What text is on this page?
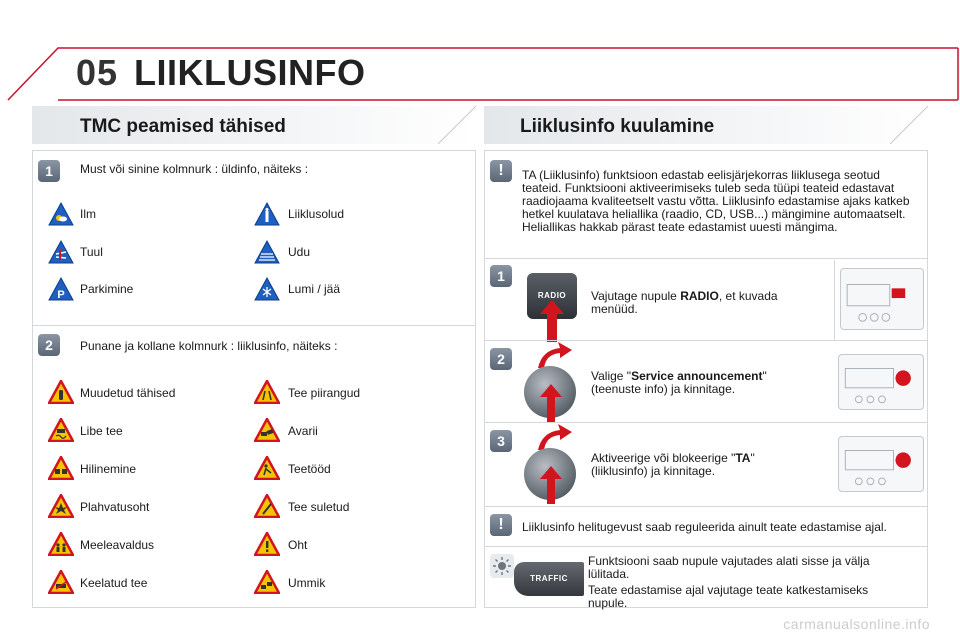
05 LIIKLUSINFO
TMC peamised tähised	Liiklusinfo kuulamine
1	Must või sinine kolmnurk : üldinfo, näiteks :
Ilm	Liiklusolud
Tuul	Udu
P Parkimine	Lumi / jää
2	Punane ja kollane kolmnurk : liiklusinfo, näiteks :
Muudetud tähised	Tee piirangud
Libe tee	Avarii
Hilinemine	Teetööd
Plahvatusoht	Tee suletud
Meeleavaldus	Oht
Keelatud tee	Ummik
!	TA (Liiklusinfo) funktsioon edastab eelisjärjekorras liiklusega seotud teateid. Funktsiooni aktiveerimiseks tuleb seda tüüpi teateid edastavat raadiojaama kvaliteetselt vastu võtta. Liiklusinfo edastamise ajaks katkeb hetkel kuulatava heliallika (raadio, CD, USB...) mängimine automaatselt. Heliallikas hakkab pärast teate edastamist uuesti mängima.
1
RADIO	Vajutage nupule RADIO, et kuvada menüüd.
2
Valige "Service announcement" (teenuste info) ja kinnitage.
3
Aktiveerige või blokeerige "TA" (liiklusinfo) ja kinnitage.
!	Liiklusinfo helitugevust saab reguleerida ainult teate edastamise ajal.
TRAFFIC
Funktsiooni saab nupule vajutades alati sisse ja välja lülitada.
Teate edastamise ajal vajutage teate katkestamiseks nupule.
carmanualsonline.info
